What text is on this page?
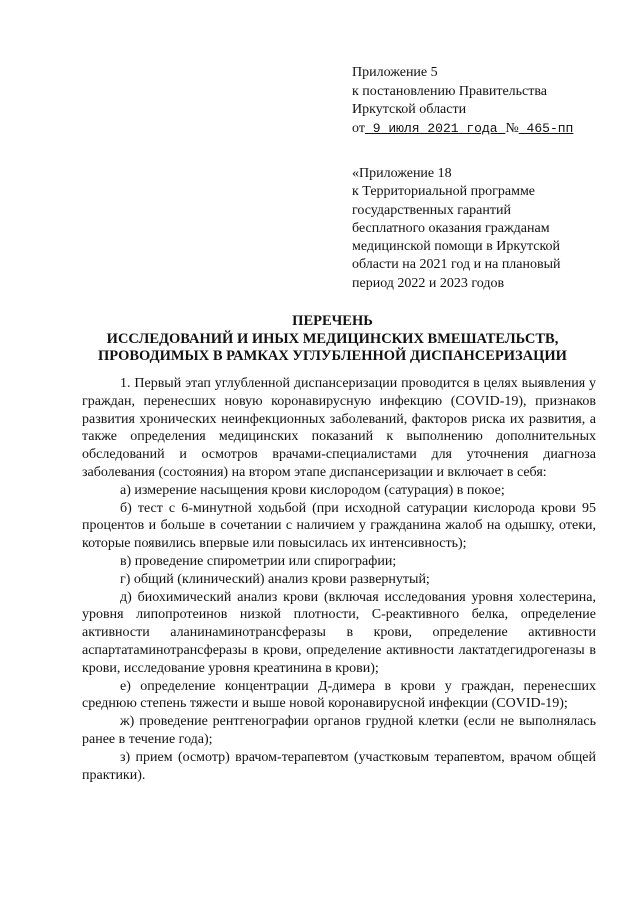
Приложение 5
к постановлению Правительства
Иркутской области
от 9 июля 2021 года № 465-пп
«Приложение 18
к Территориальной программе
государственных гарантий
бесплатного оказания гражданам
медицинской помощи в Иркутской
области на 2021 год и на плановый
период 2022 и 2023 годов
ПЕРЕЧЕНЬ
ИССЛЕДОВАНИЙ И ИНЫХ МЕДИЦИНСКИХ ВМЕШАТЕЛЬСТВ,
ПРОВОДИМЫХ В РАМКАХ УГЛУБЛЕННОЙ ДИСПАНСЕРИЗАЦИИ

1. Первый этап углубленной диспансеризации проводится в целях выявления у граждан, перенесших новую коронавирусную инфекцию (COVID-19), признаков развития хронических неинфекционных заболеваний, факторов риска их развития, а также определения медицинских показаний к выполнению дополнительных обследований и осмотров врачами-специалистами для уточнения диагноза заболевания (состояния) на втором этапе диспансеризации и включает в себя:

а) измерение насыщения крови кислородом (сатурация) в покое;

б) тест с 6-минутной ходьбой (при исходной сатурации кислорода крови 95 процентов и больше в сочетании с наличием у гражданина жалоб на одышку, отеки, которые появились впервые или повысилась их интенсивность);

в) проведение спирометрии или спирографии;

г) общий (клинический) анализ крови развернутый;

д) биохимический анализ крови (включая исследования уровня холестерина, уровня липопротеинов низкой плотности, С-реактивного белка, определение активности аланинаминотрансферазы в крови, определение активности аспартатаминотрансферазы в крови, определение активности лактатдегидрогеназы в крови, исследование уровня креатинина в крови);

е) определение концентрации Д-димера в крови у граждан, перенесших среднюю степень тяжести и выше новой коронавирусной инфекции (COVID-19);

ж) проведение рентгенографии органов грудной клетки (если не выполнялась ранее в течение года);

з) прием (осмотр) врачом-терапевтом (участковым терапевтом, врачом общей практики).
